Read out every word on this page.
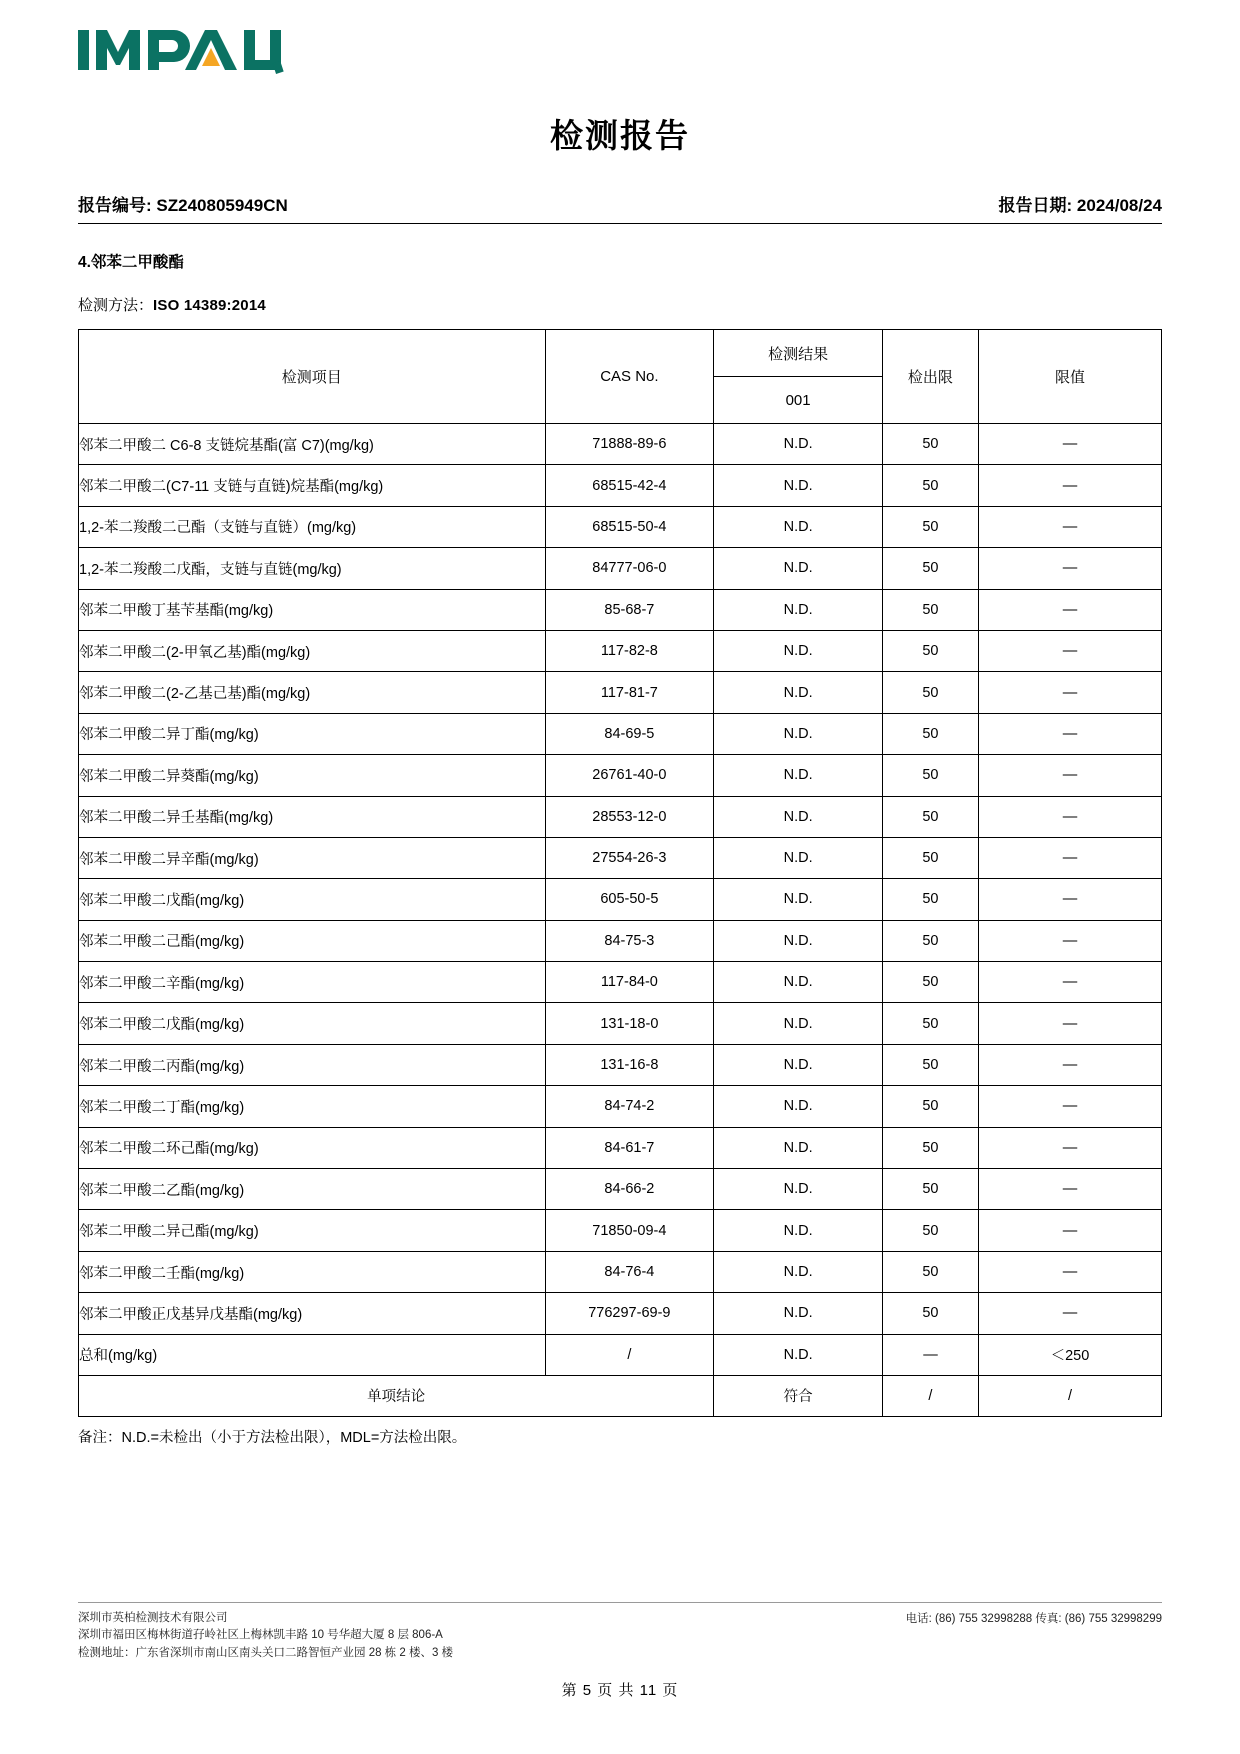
检测报告
报告编号: SZ240805949CN	报告日期: 2024/08/24
4.邻苯二甲酸酯
检测方法：ISO 14389:2014
检测项目	CAS No.	检测结果	检出限	限值
		001		
邻苯二甲酸二 C6-8 支链烷基酯(富 C7)(mg/kg)	71888-89-6	N.D.	50	—
邻苯二甲酸二(C7-11 支链与直链)烷基酯(mg/kg)	68515-42-4	N.D.	50	—
1,2-苯二羧酸二己酯（支链与直链）(mg/kg)	68515-50-4	N.D.	50	—
1,2-苯二羧酸二戊酯，支链与直链(mg/kg)	84777-06-0	N.D.	50	—
邻苯二甲酸丁基苄基酯(mg/kg)	85-68-7	N.D.	50	—
邻苯二甲酸二(2-甲氧乙基)酯(mg/kg)	117-82-8	N.D.	50	—
邻苯二甲酸二(2-乙基己基)酯(mg/kg)	117-81-7	N.D.	50	—
邻苯二甲酸二异丁酯(mg/kg)	84-69-5	N.D.	50	—
邻苯二甲酸二异葵酯(mg/kg)	26761-40-0	N.D.	50	—
邻苯二甲酸二异壬基酯(mg/kg)	28553-12-0	N.D.	50	—
邻苯二甲酸二异辛酯(mg/kg)	27554-26-3	N.D.	50	—
邻苯二甲酸二戊酯(mg/kg)	605-50-5	N.D.	50	—
邻苯二甲酸二己酯(mg/kg)	84-75-3	N.D.	50	—
邻苯二甲酸二辛酯(mg/kg)	117-84-0	N.D.	50	—
邻苯二甲酸二戊酯(mg/kg)	131-18-0	N.D.	50	—
邻苯二甲酸二丙酯(mg/kg)	131-16-8	N.D.	50	—
邻苯二甲酸二丁酯(mg/kg)	84-74-2	N.D.	50	—
邻苯二甲酸二环己酯(mg/kg)	84-61-7	N.D.	50	—
邻苯二甲酸二乙酯(mg/kg)	84-66-2	N.D.	50	—
邻苯二甲酸二异己酯(mg/kg)	71850-09-4	N.D.	50	—
邻苯二甲酸二壬酯(mg/kg)	84-76-4	N.D.	50	—
邻苯二甲酸正戊基异戊基酯(mg/kg)	776297-69-9	N.D.	50	—
总和(mg/kg)	/	N.D.	—	＜250
单项结论		符合	/	/
备注：N.D.=未检出（小于方法检出限），MDL=方法检出限。
深圳市英柏检测技术有限公司
深圳市福田区梅林街道孖岭社区上梅林凯丰路 10 号华超大厦 8 层 806-A
检测地址：广东省深圳市南山区南头关口二路智恒产业园 28 栋 2 楼、3 楼
电话: (86) 755 32998288 传真: (86) 755 32998299
第 5 页 共 11 页
